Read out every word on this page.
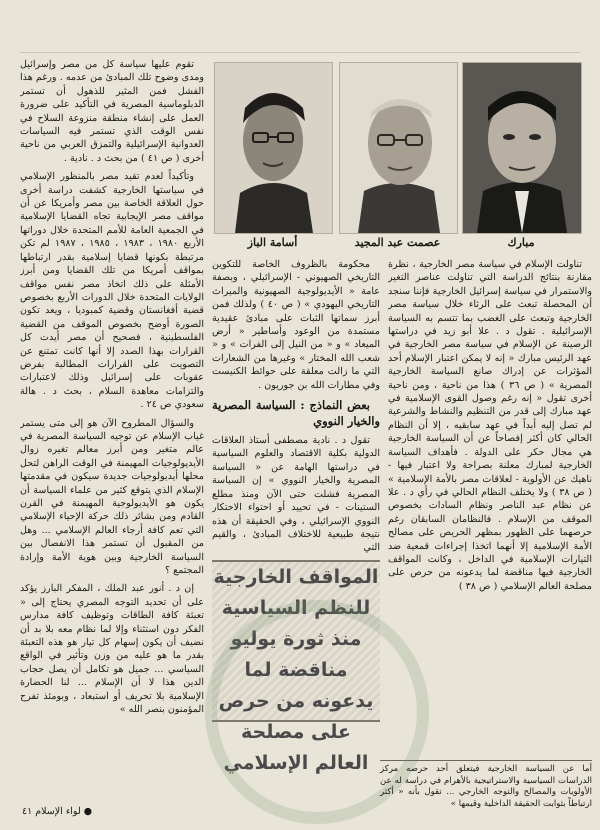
أسامة الباز	عصمت عبد المجيد	مبارك

تقوم عليها سياسة كل من مصر وإسرائيل ومدى وضوح تلك المبادئ من عدمه . ورغم هذا الفشل فمن المثير للذهول أن تستمر الدبلوماسية المصرية في التأكيد على ضرورة العمل على إنشاء منطقة منزوعة السلاح في نفس الوقت الذي تستمر فيه السياسات العدوانية الإسرائيلية والتمزق العربي من ناحية أخرى ( ص ٤١ ) من بحث د . نادية .

وتأكيداً لعدم تقيد مصر بالمنظور الإسلامي في سياستها الخارجية كشفت دراسة أخرى حول العلاقة الخاصة بين مصر وأمريكا عن أن مواقف مصر الإيجابية تجاه القضايا الإسلامية في الجمعية العامة للأمم المتحدة خلال دوراتها الأربع ١٩٨٠ ، ١٩٨٣ ، ١٩٨٥ ، ١٩٨٧ لم تكن مرتبطة بكونها قضايا إسلامية بقدر ارتباطها بمواقف أمريكا من تلك القضايا ومن أبرز الأمثلة على ذلك اتخاذ مصر نفس مواقف الولايات المتحدة خلال الدورات الأربع بخصوص قضية أفغانستان وقضية كمبوديا ، ويعد تكون الصورة أوضح بخصوص الموقف من القضية الفلسطينية ، فصحيح أن مصر أيدت كل القرارات بهذا الصدد إلا أنها كانت تمتنع عن التصويت على القرارات المطالبة بفرض عقوبات على إسرائيل وذلك لاعتبارات والتزامات معاهدة السلام ، بحث د . هالة سعودي ص ٢٤ .

والسؤال المطروح الآن هو إلى متى يستمر غياب الإسلام عن توجيه السياسة المصرية في عالم متغير ومن أبرز معالم تغيره زوال الأيديولوجيات المهيمنة في الوقت الراهن لتحل محلها أيديولوجيات جديدة سيكون في مقدمتها الإسلام الذي يتوقع كثير من علماء السياسة أن يكون هو الأيديولوجية المهيمنة في القرن القادم ومن بشائر ذلك حركة الإحياء الإسلامي التي تعم كافة أرجاء العالم الإسلامي ... وهل من المقبول أن تستمر هذا الانفصال بين السياسة الخارجية وبين هوية الأمة وإرادة المجتمع ؟

إن د . أنور عبد الملك ، المفكر البارز يؤكد على أن تحديد التوجه المصري يحتاج إلى « تعبئة كافة الطاقات وتوظيف كافة مدارس الفكر دون استثناء وإلا لما نظام معه بلا بد أن نضيف أن يكون إسهام كل تيار هو هذه التعبئة بقدر ما هو عليه من وزن وتأثير في الواقع السياسي ... جميل هو تكامل أن يصل حجاب الدين هذا لا أن الإسلام ... لنا الحضارة الإسلامية بلا تحريف أو استبعاد ، وبومئذ تفرح المؤمنون بنصر الله »

محكومة بالظروف الخاصة للتكوين التاريخي الصهيوني - الإسرائيلي ، وبصفة عامة « الأيديولوجية الصهيونية والميراث التاريخي اليهودي » ( ص ٤٠ ) ولذلك فمن أبرز سماتها الثبات على مبادئ عقيدية مستمدة من الوعود وأساطير « أرض الميعاد » و « من النيل إلى الفرات » و « شعب الله المختار » وغيرها من الشعارات التي ما زالت معلقة على حوائط الكنيست وفي مطارات الله بن جوريون .

بعض النماذج : السياسة المصرية والخيار النووي

تقول د . نادية مصطفى أستاذ العلاقات الدولية بكلية الاقتصاد والعلوم السياسية في دراستها الهامة عن « السياسة المصرية والخيار النووي » إن السياسة المصرية فشلت حتى الآن ومنذ مطلع الستينات - في تحييد أو احتواء الاحتكار النووي الإسرائيلي ، وفي الحقيقة أن هذه نتيجة طبيعية للاختلاف المبادئ ، والقيم التي

تناولت الإسلام في سياسة مصر الخارجية ، نظرة مقارنة بنتائج الدراسة التي تناولت عناصر التغير والاستمرار في سياسة إسرائيل الخارجية فإننا سنجد أن المحصلة تبعث على الرثاء خلال سياسة مصر الخارجية وتبعث على الغضب بما تتسم به السياسة الإسرائيلية . تقول د . علا أبو زيد في دراستها الرصينة عن الإسلام في سياسة مصر الخارجية في عهد الرئيس مبارك « إنه لا يمكن اعتبار الإسلام أحد المؤثرات عن إدراك صانع السياسة الخارجية المصرية » ( ص ٣٦ ) هذا من ناحية ، ومن ناحية أخرى تقول « إنه رغم وصول القوى الإسلامية في عهد مبارك إلى قدر من التنظيم والنشاط والشرعية لم تصل إليه أبداً في عهد سابقيه ، إلا أن النظام الحالي كان أكثر إفصاحاً عن أن السياسة الخارجية هي مجال حكر على الدولة . فأهداف السياسة الخارجية لمبارك معلنة بصراحة ولا اعتبار فيها - ناهيك عن الأولوية - لعلاقات مصر بالأمة الإسلامية » ( ص ٣٨ ) ولا يختلف النظام الحالي في رأي د . علا عن نظام عبد الناصر ونظام السادات بخصوص الموقف من الإسلام . فالنظامان السابقان رغم حرصهما على الظهور بمظهر الحريص على مصالح الأمة الإسلامية إلا أنهما اتخذا إجراءات قمعية ضد التيارات الإسلامية في الداخل ، وكانت المواقف الخارجية فيها مناقضة لما يدعونه من حرص على مصلحة العالم الإسلامي ( ص ٣٨ )

المواقف الخارجية للنظم السياسية منذ ثورة يوليو مناقضة لما يدعونه من حرص على مصلحة العالم الإسلامي	أما عن السياسة الخارجية فيتعلق أحد حرصه مركز الدراسات السياسية والاستراتيجية بالأهرام في دراسة له عن الأولويات والمصالح والتوجه الخارجي ... تقول بأنه « أكثر ارتباطاً بثوابت الحقيقة الداخلية وقيمها »
● لواء الإسلام ٤١
